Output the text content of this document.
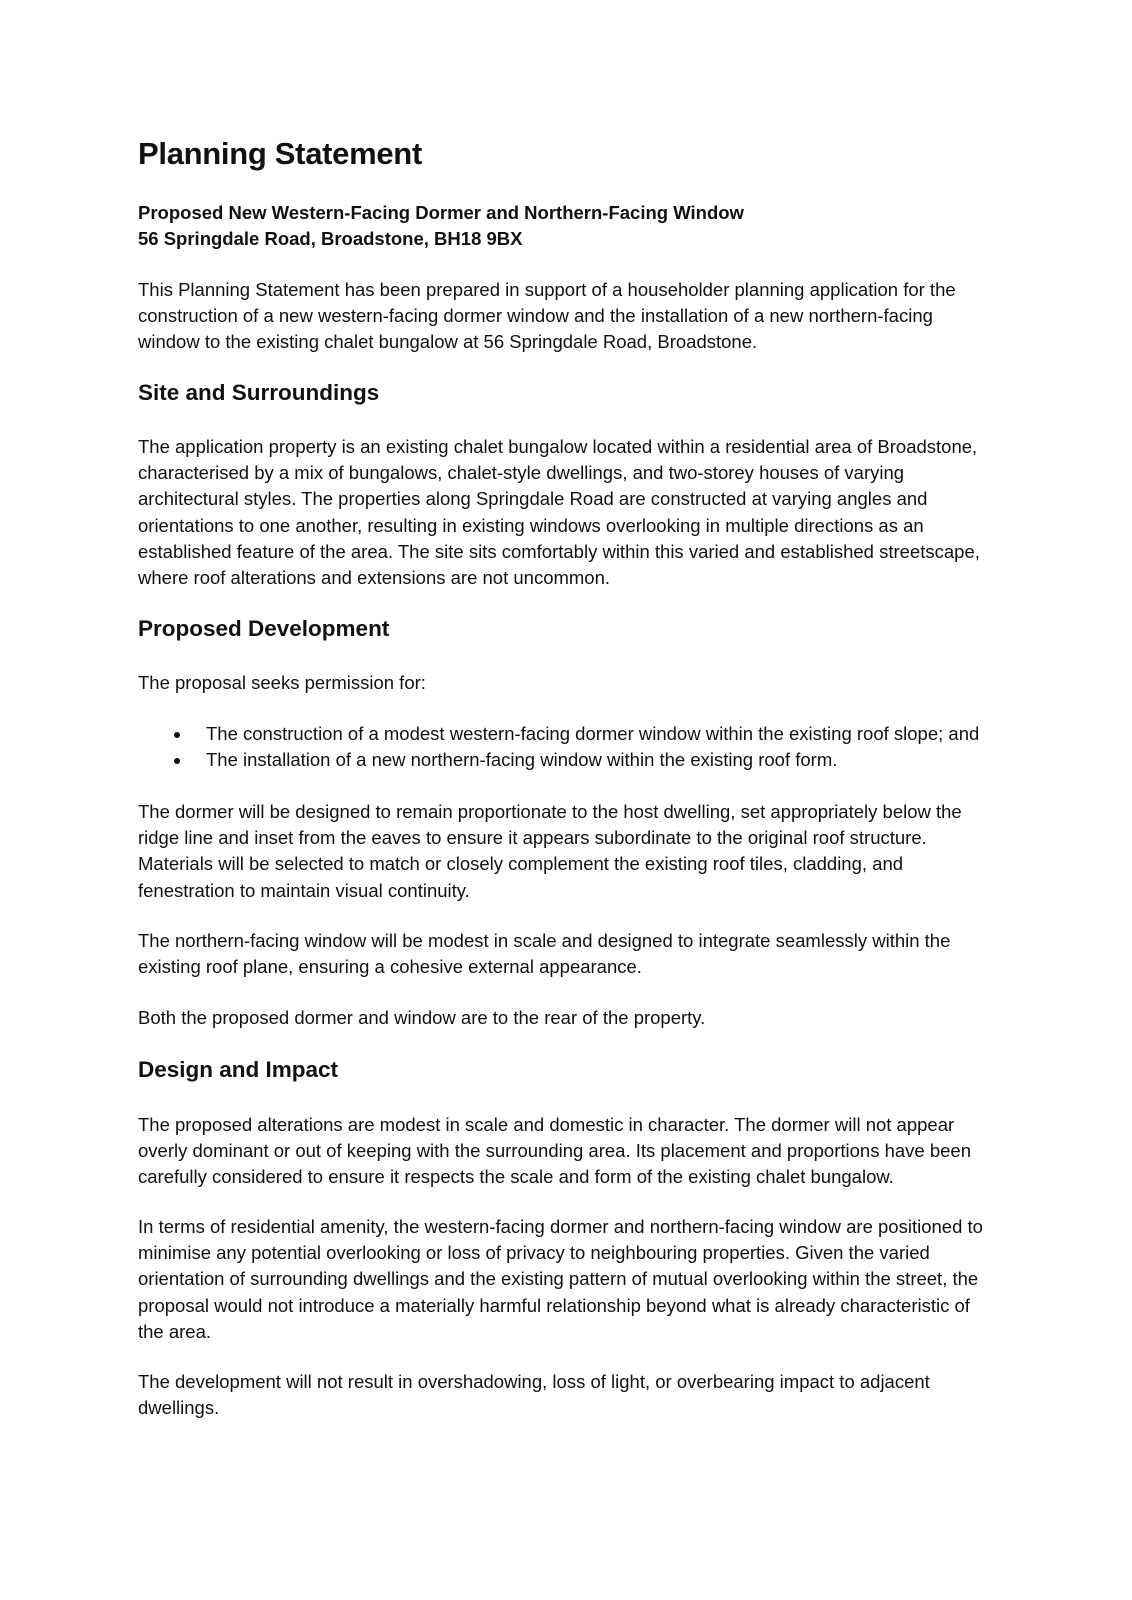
Planning Statement
Proposed New Western-Facing Dormer and Northern-Facing Window
56 Springdale Road, Broadstone, BH18 9BX
This Planning Statement has been prepared in support of a householder planning application for the
construction of a new western-facing dormer window and the installation of a new northern-facing
window to the existing chalet bungalow at 56 Springdale Road, Broadstone.
Site and Surroundings
The application property is an existing chalet bungalow located within a residential area of Broadstone,
characterised by a mix of bungalows, chalet-style dwellings, and two-storey houses of varying
architectural styles. The properties along Springdale Road are constructed at varying angles and
orientations to one another, resulting in existing windows overlooking in multiple directions as an
established feature of the area. The site sits comfortably within this varied and established streetscape,
where roof alterations and extensions are not uncommon.
Proposed Development
The proposal seeks permission for:
The construction of a modest western-facing dormer window within the existing roof slope; and
The installation of a new northern-facing window within the existing roof form.
The dormer will be designed to remain proportionate to the host dwelling, set appropriately below the
ridge line and inset from the eaves to ensure it appears subordinate to the original roof structure.
Materials will be selected to match or closely complement the existing roof tiles, cladding, and
fenestration to maintain visual continuity.
The northern-facing window will be modest in scale and designed to integrate seamlessly within the
existing roof plane, ensuring a cohesive external appearance.
Both the proposed dormer and window are to the rear of the property.
Design and Impact
The proposed alterations are modest in scale and domestic in character. The dormer will not appear
overly dominant or out of keeping with the surrounding area. Its placement and proportions have been
carefully considered to ensure it respects the scale and form of the existing chalet bungalow.
In terms of residential amenity, the western-facing dormer and northern-facing window are positioned to
minimise any potential overlooking or loss of privacy to neighbouring properties. Given the varied
orientation of surrounding dwellings and the existing pattern of mutual overlooking within the street, the
proposal would not introduce a materially harmful relationship beyond what is already characteristic of
the area.
The development will not result in overshadowing, loss of light, or overbearing impact to adjacent
dwellings.
